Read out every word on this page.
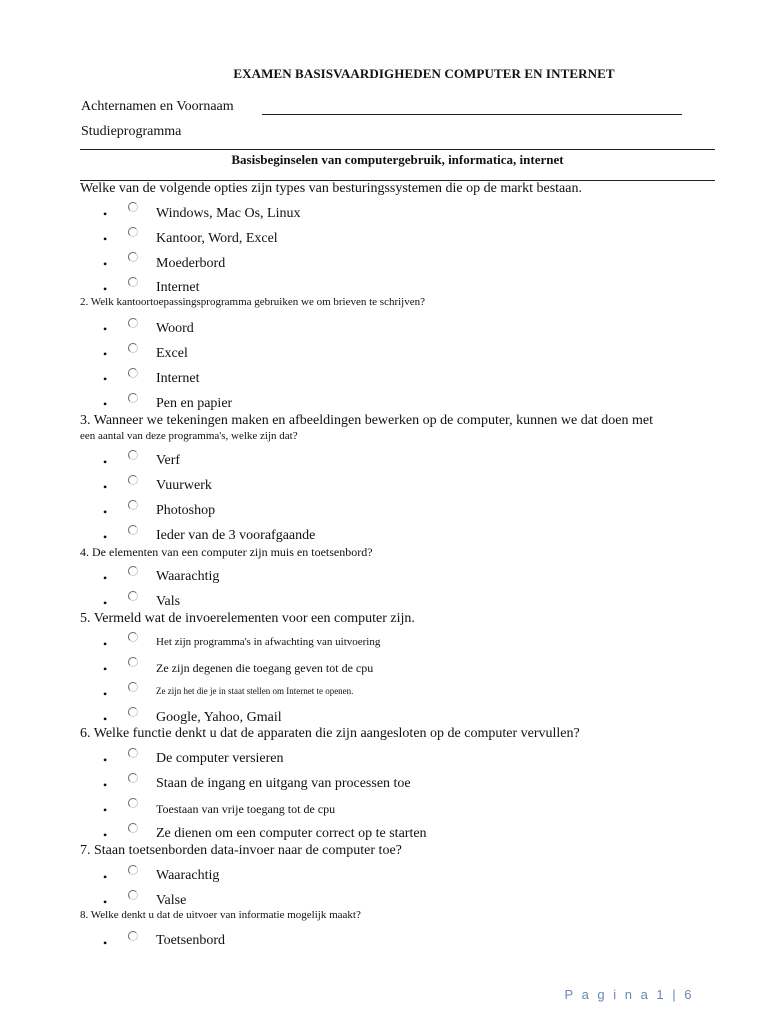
EXAMEN BASISVAARDIGHEDEN COMPUTER EN INTERNET
Achternamen en Voornaam
Studieprogramma
Basisbeginselen van computergebruik, informatica, internet
Welke van de volgende opties zijn types van besturingssystemen die op de markt bestaan.
•	Windows, Mac Os, Linux
•	Kantoor, Word, Excel
•	Moederbord
•	Internet
2. Welk kantoortoepassingsprogramma gebruiken we om brieven te schrijven?
•	Woord
•	Excel
•	Internet
•	Pen en papier
3. Wanneer we tekeningen maken en afbeeldingen bewerken op de computer, kunnen we dat doen met
een aantal van deze programma's, welke zijn dat?
•	Verf
•	Vuurwerk
•	Photoshop
•	Ieder van de 3 voorafgaande
4. De elementen van een computer zijn muis en toetsenbord?
•	Waarachtig
•	Vals
5. Vermeld wat de invoerelementen voor een computer zijn.
•	Het zijn programma's in afwachting van uitvoering
•	Ze zijn degenen die toegang geven tot de cpu
•	Ze zijn het die je in staat stellen om Internet te openen.
•	Google, Yahoo, Gmail
6. Welke functie denkt u dat de apparaten die zijn aangesloten op de computer vervullen?
•	De computer versieren
•	Staan de ingang en uitgang van processen toe
•	Toestaan van vrije toegang tot de cpu
•	Ze dienen om een computer correct op te starten
7. Staan toetsenborden data-invoer naar de computer toe?
•	Waarachtig
•	Valse
8. Welke denkt u dat de uitvoer van informatie mogelijk maakt?
•	Toetsenbord
P a g i n a 1 | 6
